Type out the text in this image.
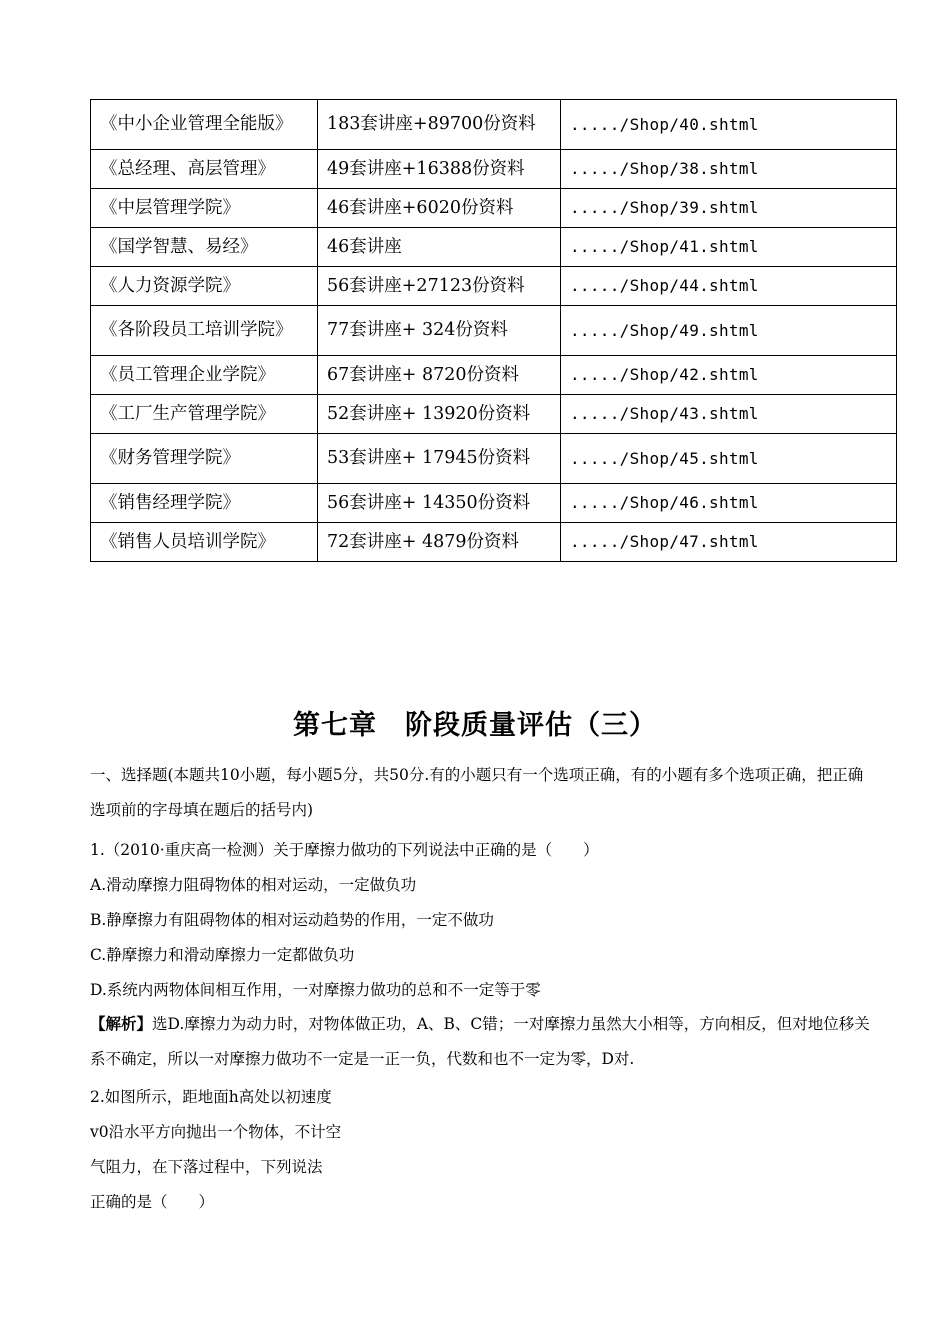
《中小企业管理全能版》	183套讲座+89700份资料	...../Shop/40.shtml
《总经理、高层管理》	49套讲座+16388份资料	...../Shop/38.shtml
《中层管理学院》	46套讲座+6020份资料	...../Shop/39.shtml
《国学智慧、易经》	46套讲座	...../Shop/41.shtml
《人力资源学院》	56套讲座+27123份资料	...../Shop/44.shtml
《各阶段员工培训学院》	77套讲座+ 324份资料	...../Shop/49.shtml
《员工管理企业学院》	67套讲座+ 8720份资料	...../Shop/42.shtml
《工厂生产管理学院》	52套讲座+ 13920份资料	...../Shop/43.shtml
《财务管理学院》	53套讲座+ 17945份资料	...../Shop/45.shtml
《销售经理学院》	56套讲座+ 14350份资料	...../Shop/46.shtml
《销售人员培训学院》	72套讲座+ 4879份资料	...../Shop/47.shtml
第七章　阶段质量评估（三）
一、选择题(本题共10小题，每小题5分，共50分.有的小题只有一个选项正确，有的小题有多个选项正确，把正确选项前的字母填在题后的括号内)
1.（2010·重庆高一检测）关于摩擦力做功的下列说法中正确的是（　　）
A.滑动摩擦力阻碍物体的相对运动，一定做负功
B.静摩擦力有阻碍物体的相对运动趋势的作用，一定不做功
C.静摩擦力和滑动摩擦力一定都做负功
D.系统内两物体间相互作用，一对摩擦力做功的总和不一定等于零
【解析】选D.摩擦力为动力时，对物体做正功，A、B、C错；一对摩擦力虽然大小相等，方向相反，但对地位移关系不确定，所以一对摩擦力做功不一定是一正一负，代数和也不一定为零，D对.
2.如图所示，距地面h高处以初速度
v0沿水平方向抛出一个物体，不计空
气阻力，在下落过程中，下列说法
正确的是（　　）
